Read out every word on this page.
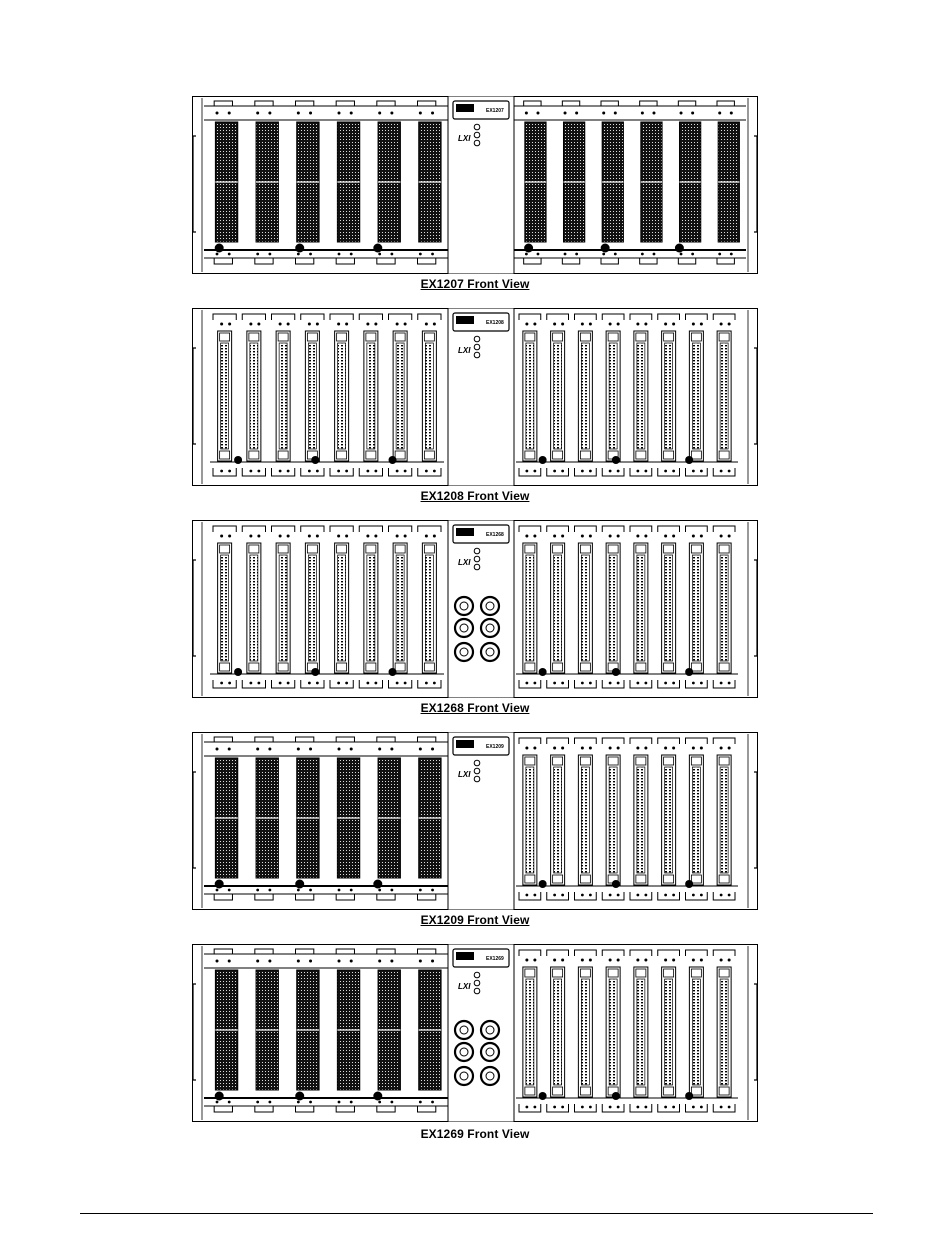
EX1207
LXI
EX1207 Front View
EX1208
LXI
EX1208 Front View
EX1268
LXI
EX1268 Front View
EX1209
LXI
EX1209 Front View
EX1269
LXI
EX1269 Front View
